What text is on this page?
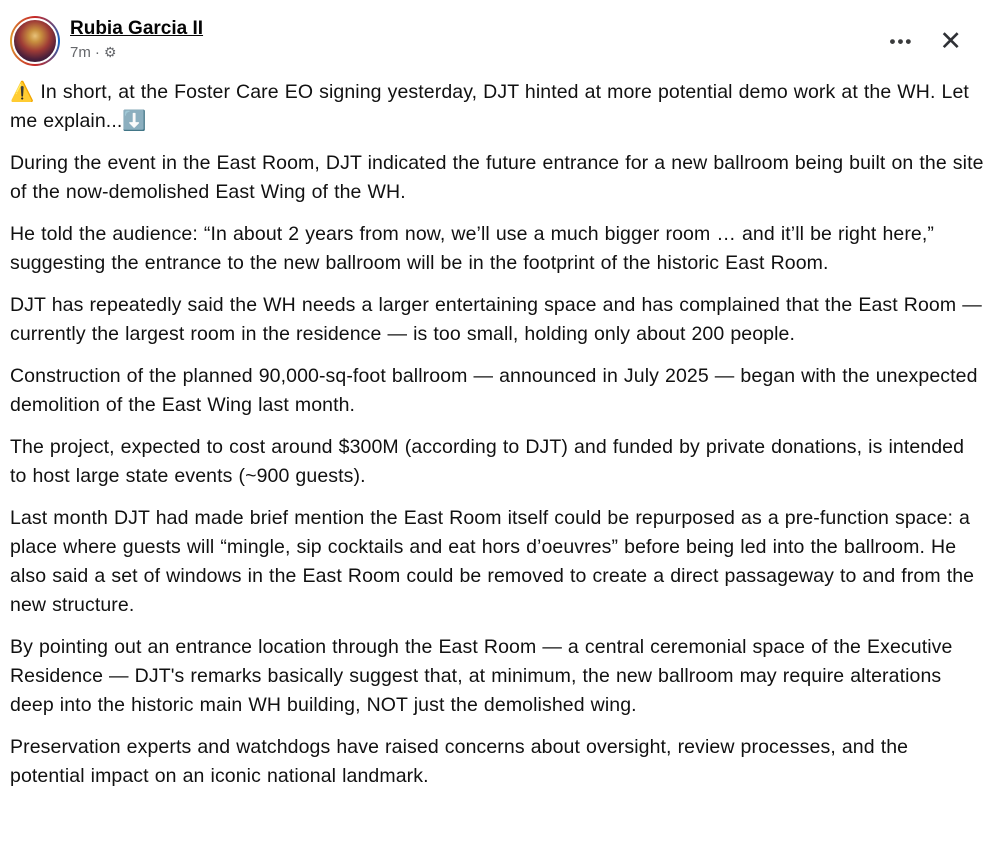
Rubia Garcia II
7m · ⚙
••• ✕

⚠️ In short, at the Foster Care EO signing yesterday, DJT hinted at more potential demo work at the WH. Let me explain...⬇️

During the event in the East Room, DJT indicated the future entrance for a new ballroom being built on the site of the now-demolished East Wing of the WH.

He told the audience: “In about 2 years from now, we’ll use a much bigger room … and it’ll be right here,” suggesting the entrance to the new ballroom will be in the footprint of the historic East Room.

DJT has repeatedly said the WH needs a larger entertaining space and has complained that the East Room — currently the largest room in the residence — is too small, holding only about 200 people.

Construction of the planned 90,000-sq-foot ballroom — announced in July 2025 — began with the unexpected demolition of the East Wing last month.

The project, expected to cost around $300M (according to DJT) and funded by private donations, is intended to host large state events (~900 guests).

Last month DJT had made brief mention the East Room itself could be repurposed as a pre-function space: a place where guests will “mingle, sip cocktails and eat hors d’oeuvres” before being led into the ballroom. He also said a set of windows in the East Room could be removed to create a direct passageway to and from the new structure.

By pointing out an entrance location through the East Room — a central ceremonial space of the Executive Residence — DJT's remarks basically suggest that, at minimum, the new ballroom may require alterations deep into the historic main WH building, NOT just the demolished wing.

Preservation experts and watchdogs have raised concerns about oversight, review processes, and the potential impact on an iconic national landmark.
